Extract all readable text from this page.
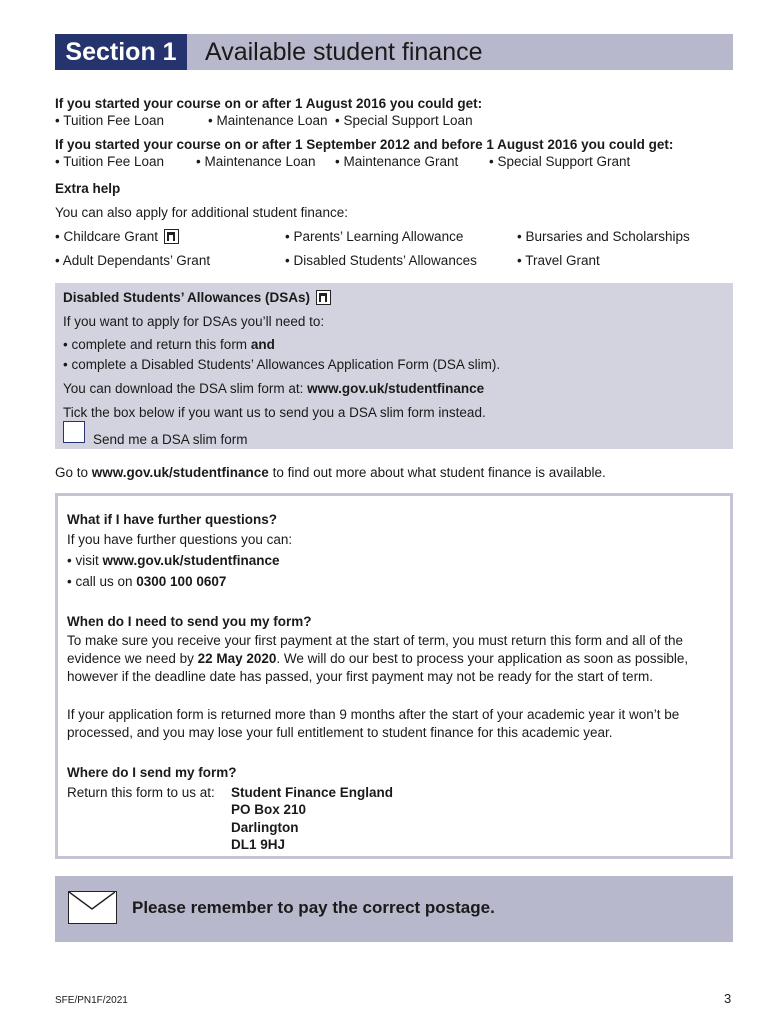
Section 1	Available student finance
If you started your course on or after 1 August 2016 you could get:
• Tuition Fee Loan	• Maintenance Loan • Special Support Loan
If you started your course on or after 1 September 2012 and before 1 August 2016 you could get:
• Tuition Fee Loan • Maintenance Loan • Maintenance Grant • Special Support Grant
Extra help
You can also apply for additional student finance:
• Childcare Grant	• Parents’ Learning Allowance	• Bursaries and Scholarships
• Adult Dependants’ Grant	• Disabled Students’ Allowances	• Travel Grant
Disabled Students’ Allowances (DSAs)
If you want to apply for DSAs you’ll need to:
• complete and return this form and
• complete a Disabled Students’ Allowances Application Form (DSA slim).
You can download the DSA slim form at: www.gov.uk/studentfinance
Tick the box below if you want us to send you a DSA slim form instead.
Send me a DSA slim form
Go to www.gov.uk/studentfinance to find out more about what student finance is available.
What if I have further questions?
If you have further questions you can:
• visit www.gov.uk/studentfinance
• call us on 0300 100 0607
When do I need to send you my form?
To make sure you receive your first payment at the start of term, you must return this form and all of the evidence we need by 22 May 2020. We will do our best to process your application as soon as possible, however if the deadline date has passed, your first payment may not be ready for the start of term.
If your application form is returned more than 9 months after the start of your academic year it won’t be processed, and you may lose your full entitlement to student finance for this academic year.
Where do I send my form?
Return this form to us at: Student Finance England
PO Box 210
Darlington
DL1 9HJ
Please remember to pay the correct postage.
SFE/PN1F/2021	3
